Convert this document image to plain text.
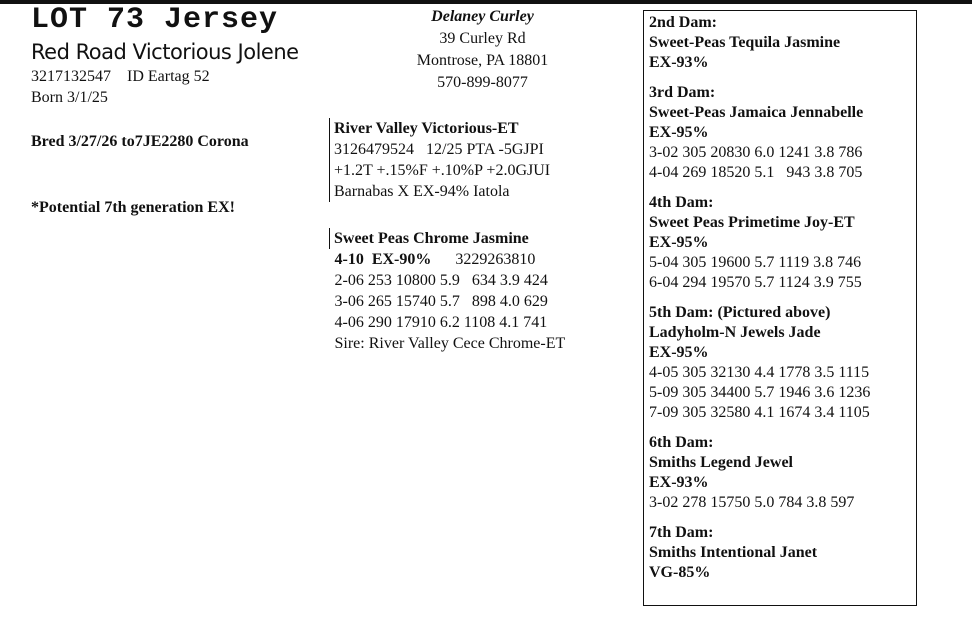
LOT 73 Jersey
Red Road Victorious Jolene
3217132547 ID Eartag 52
Born 3/1/25
Bred 3/27/26 to7JE2280 Corona
*Potential 7th generation EX!
Delaney Curley
39 Curley Rd
Montrose, PA 18801
570-899-8077
River Valley Victorious-ET
3126479524   12/25 PTA -5GJPI
+1.2T +.15%F +.10%P +2.0GJUI
Barnabas X EX-94% Iatola
Sweet Peas Chrome Jasmine
4-10  EX-90% 3229263810
2-06 253 10800 5.9   634 3.9 424
3-06 265 15740 5.7   898 4.0 629
4-06 290 17910 6.2 1108 4.1 741
Sire: River Valley Cece Chrome-ET
2nd Dam:
Sweet-Peas Tequila Jasmine
EX-93%
3rd Dam:
Sweet-Peas Jamaica Jennabelle
EX-95%
3-02 305 20830 6.0 1241 3.8 786
4-04 269 18520 5.1   943 3.8 705
4th Dam:
Sweet Peas Primetime Joy-ET
EX-95%
5-04 305 19600 5.7 1119 3.8 746
6-04 294 19570 5.7 1124 3.9 755
5th Dam: (Pictured above)
Ladyholm-N Jewels Jade
EX-95%
4-05 305 32130 4.4 1778 3.5 1115
5-09 305 34400 5.7 1946 3.6 1236
7-09 305 32580 4.1 1674 3.4 1105
6th Dam:
Smiths Legend Jewel
EX-93%
3-02 278 15750 5.0 784 3.8 597
7th Dam:
Smiths Intentional Janet
VG-85%
